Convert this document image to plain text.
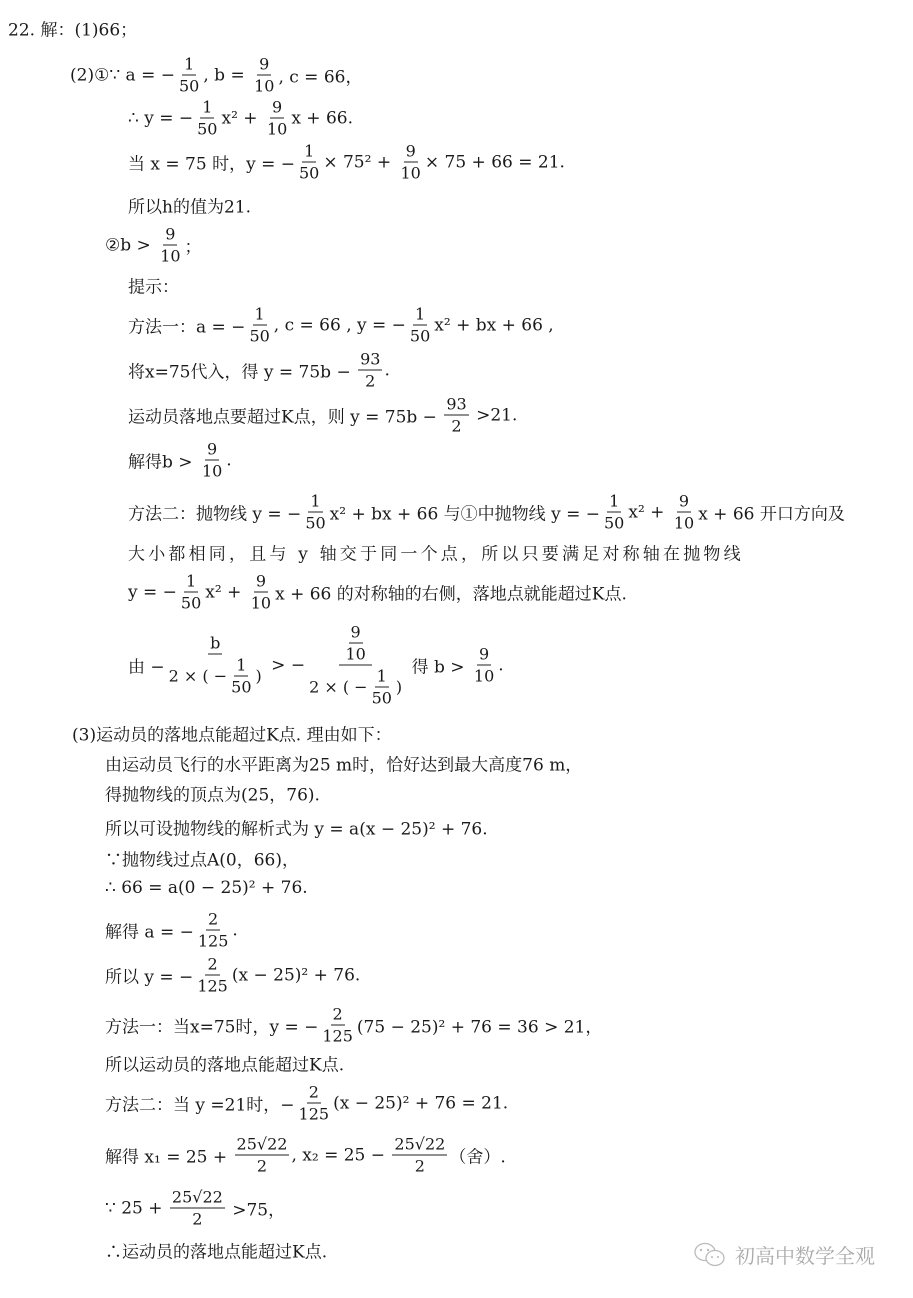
22. 解：(1)66；
(2)①∵ a = − $\frac{1}{50}$ , $b = \frac{9}{10}$ , c = 66，
∴ y = − $\frac{1}{50} x^2 + \frac{9}{10}$ x + 66.
当 x = 75 时，y = − $\frac{1}{50} \times 75^2 + \frac{9}{10} \times 75 + 66 = 21$.
所以h的值为21.
②b > $\frac{9}{10}$ ；
提示：
方法一：a = − $\frac{1}{50}$ , c = 66 , y = − $\frac{1}{50} x^2$ + bx + 66 ,
将x=75代入，得 $y = 75b - \frac{93}{2}$ .
运动员落地点要超过K点，则 $y = 75b - \frac{93}{2} >21$.
解得$b > \frac{9}{10}$ .
方法二：抛物线 y = − $\frac{1}{50} x^2$ + bx + 66 与①中抛物线 y = − $\frac{1}{50} x^2 + \frac{9}{10}$ x + 66 开口方向及
大小都相同，且与 y 轴交于同一个点，所以只要满足对称轴在抛物线
y = − $\frac{1}{50} x^2 + \frac{9}{10}$ x + 66 的对称轴的右侧，落地点就能超过K点.
由 − $\frac{b}{2 \times ( - \frac{1}{50} )}$ > − $\frac{\frac{9}{10}}{2 \times ( - \frac{1}{50} )}$ 得 $b > \frac{9}{10}$ .
(3)运动员的落地点能超过K点. 理由如下：
由运动员飞行的水平距离为25 m时，恰好达到最大高度76 m，
得抛物线的顶点为(25，76).
所以可设抛物线的解析式为 y = a(x − 25)² + 76.
∵抛物线过点A(0，66)，
∴ 66 = a(0 − 25)² + 76.
解得 a = − $\frac{2}{125}$ .
所以 y = − $\frac{2}{125} (x - 25)^2 + 76$.
方法一：当x=75时，y = − $\frac{2}{125} (75 - 25)^2 + 76 = 36 > 21$，
所以运动员的落地点能超过K点.
方法二：当 y =21时，− $\frac{2}{125} (x - 25)^2 + 76 = 21$.
解得 $x_1 = 25 + \frac{25√22}{2}$ , $x_2 = 25 - \frac{25√22}{2}$ （舍）.
∵ $25 + \frac{25√22}{2} >75$，
∴运动员的落地点能超过K点.	初高中数学全观
